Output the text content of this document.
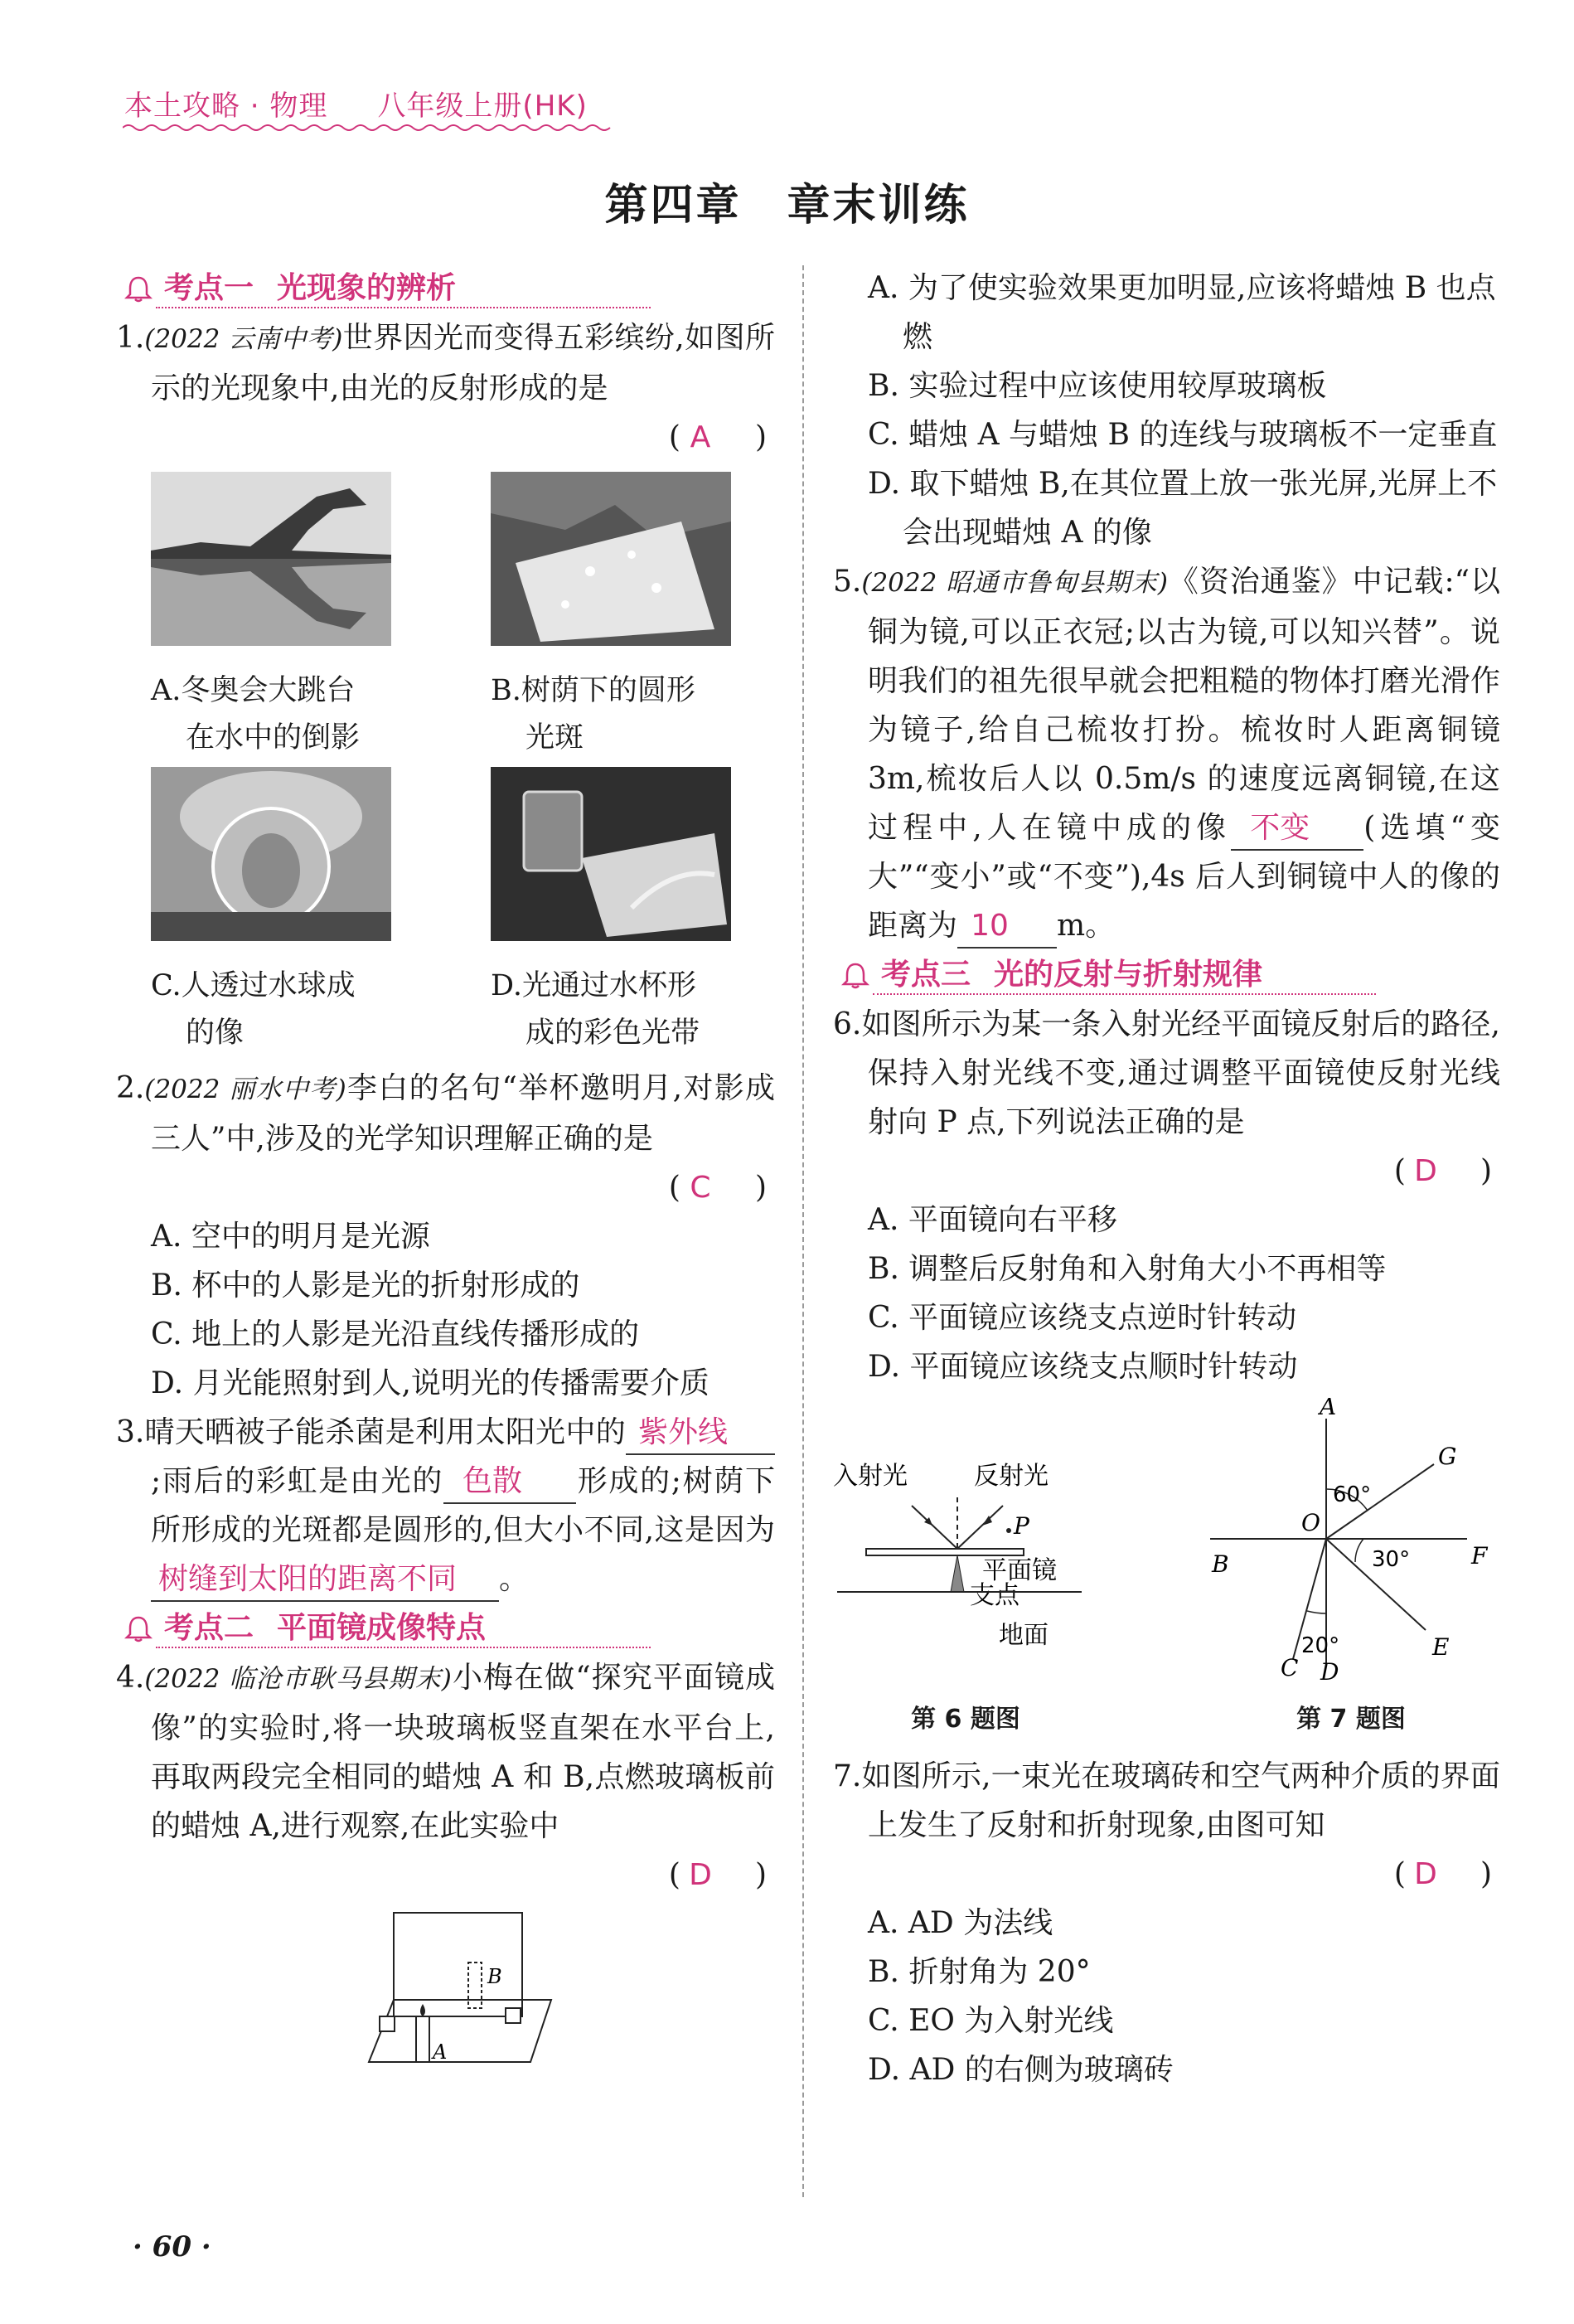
本土攻略 · 物理 八年级上册(HK)
第四章　章末训练
考点一 光现象的辨析
1.(2022 云南中考)世界因光而变得五彩缤纷,如图所示的光现象中,由光的反射形成的是
( A )
A.冬奥会大跳台
在水中的倒影
B.树荫下的圆形
光斑
C.人透过水球成
的像
D.光通过水杯形
成的彩色光带
2.(2022 丽水中考)李白的名句“举杯邀明月,对影成三人”中,涉及的光学知识理解正确的是
( C )
A. 空中的明月是光源
B. 杯中的人影是光的折射形成的
C. 地上的人影是光沿直线传播形成的
D. 月光能照射到人,说明光的传播需要介质
3.晴天晒被子能杀菌是利用太阳光中的 紫外线;雨后的彩虹是由光的 色散 形成的;树荫下所形成的光斑都是圆形的,但大小不同,这是因为树缝到太阳的距离不同 。
考点二 平面镜成像特点
4.(2022 临沧市耿马县期末)小梅在做“探究平面镜成像”的实验时,将一块玻璃板竖直架在水平台上,再取两段完全相同的蜡烛 A 和 B,点燃玻璃板前的蜡烛 A,进行观察,在此实验中
( D )
B
A
A. 为了使实验效果更加明显,应该将蜡烛 B 也点燃
B. 实验过程中应该使用较厚玻璃板
C. 蜡烛 A 与蜡烛 B 的连线与玻璃板不一定垂直
D. 取下蜡烛 B,在其位置上放一张光屏,光屏上不会出现蜡烛 A 的像
5.(2022 昭通市鲁甸县期末)《资治通鉴》中记载:“以铜为镜,可以正衣冠;以古为镜,可以知兴替”。说明我们的祖先很早就会把粗糙的物体打磨光滑作为镜子,给自己梳妆打扮。梳妆时人距离铜镜 3m,梳妆后人以 0.5m/s 的速度远离铜镜,在这过程中,人在镜中成的像 不变 (选填“变大”“变小”或“不变”),4s 后人到铜镜中人的像的距离为 10 m。
考点三 光的反射与折射规律
6.如图所示为某一条入射光经平面镜反射后的路径,保持入射光线不变,通过调整平面镜使反射光线射向 P 点,下列说法正确的是
( D )
A. 平面镜向右平移
B. 调整后反射角和入射角大小不再相等
C. 平面镜应该绕支点逆时针转动
D. 平面镜应该绕支点顺时针转动
入射光	反射光
P
平面镜
支点
地面
第 6 题图
A
B
C D
E
F
G
O
60°
30°
20°
第 7 题图
7.如图所示,一束光在玻璃砖和空气两种介质的界面上发生了反射和折射现象,由图可知
( D )
A. AD 为法线
B. 折射角为 20°
C. EO 为入射光线
D. AD 的右侧为玻璃砖
· 60 ·
